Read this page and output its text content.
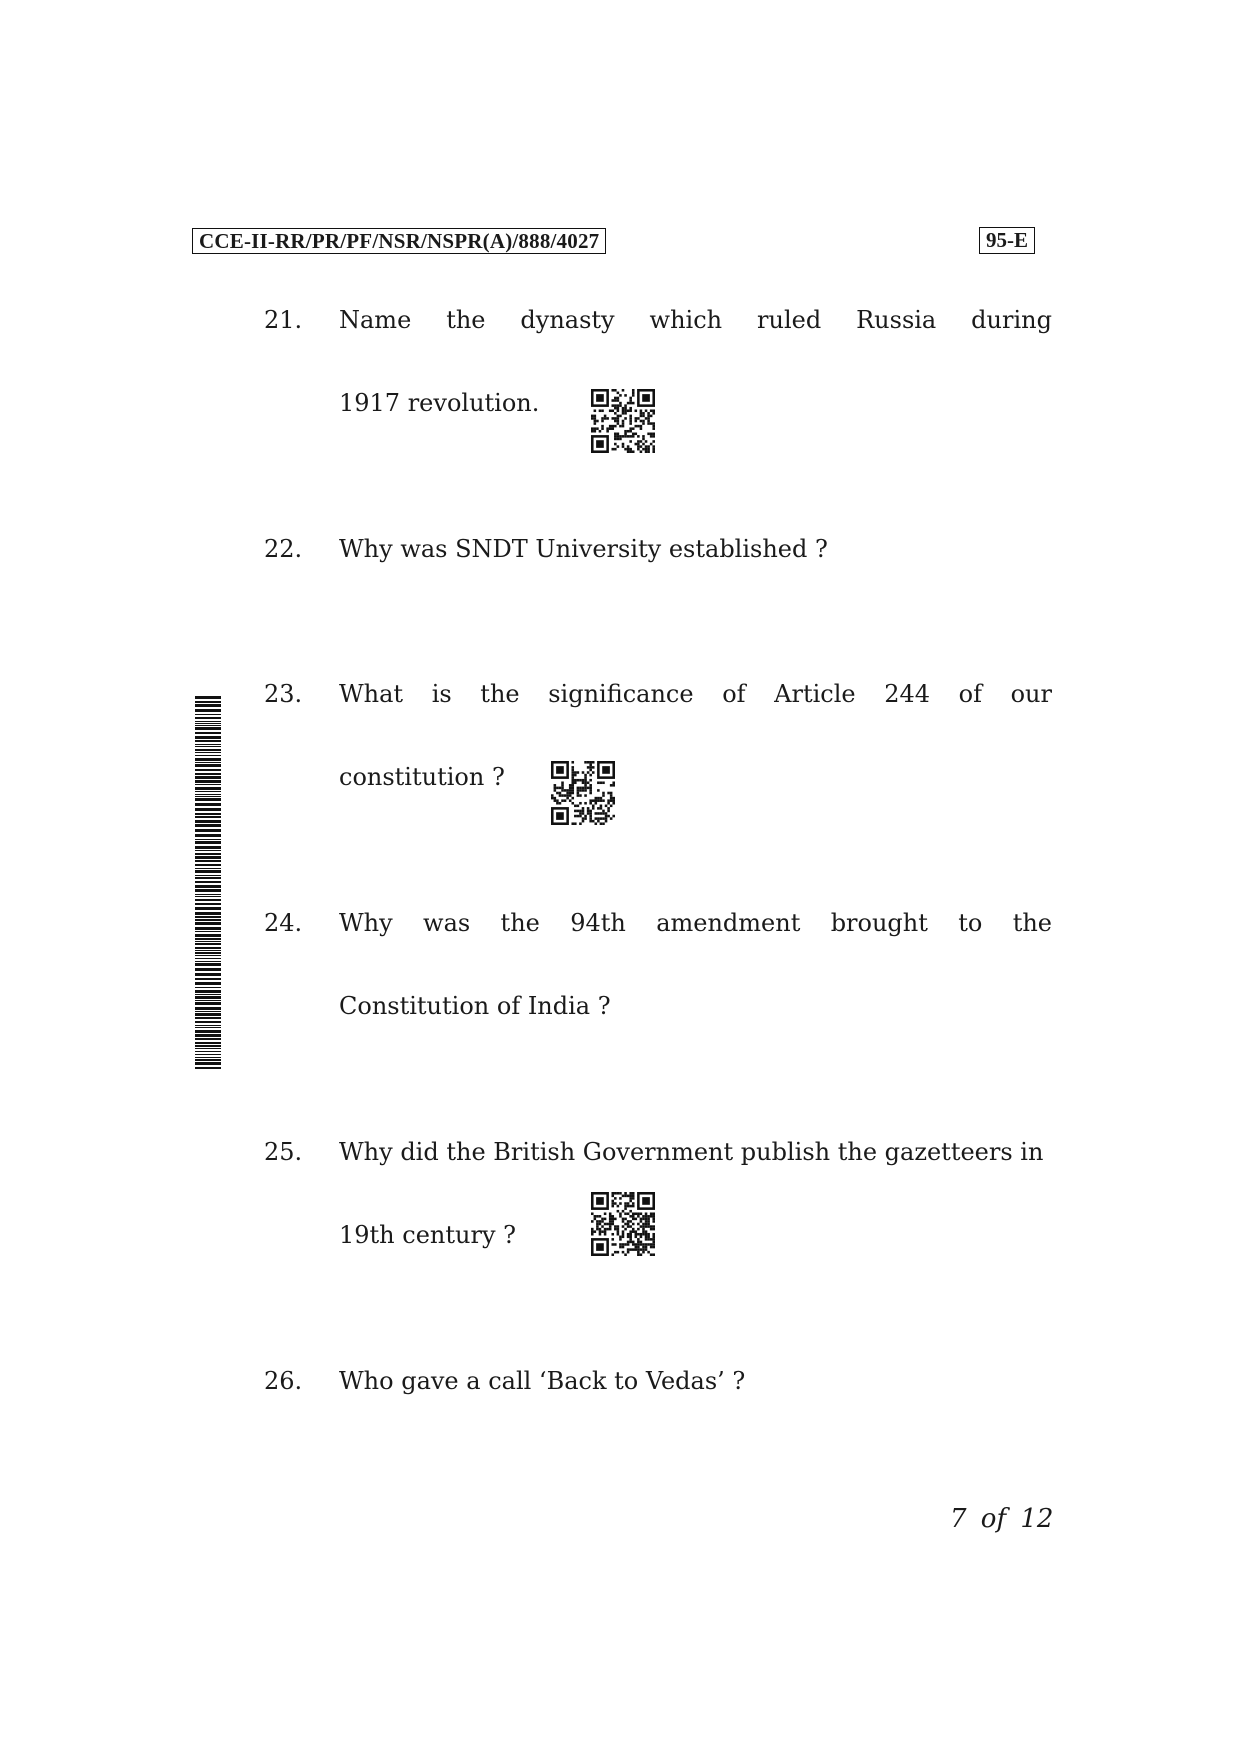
CCE-II-RR/PR/PF/NSR/NSPR(A)/888/4027	95-E
21. Name the dynasty which ruled Russia during
1917 revolution.
22. Why was SNDT University established ?
23. What is the significance of Article 244 of our
constitution ?
24. Why was the 94th amendment brought to the
Constitution of India ?
25. Why did the British Government publish the gazetteers in
19th century ?
26. Who gave a call ‘Back to Vedas’ ?
7 of 12
